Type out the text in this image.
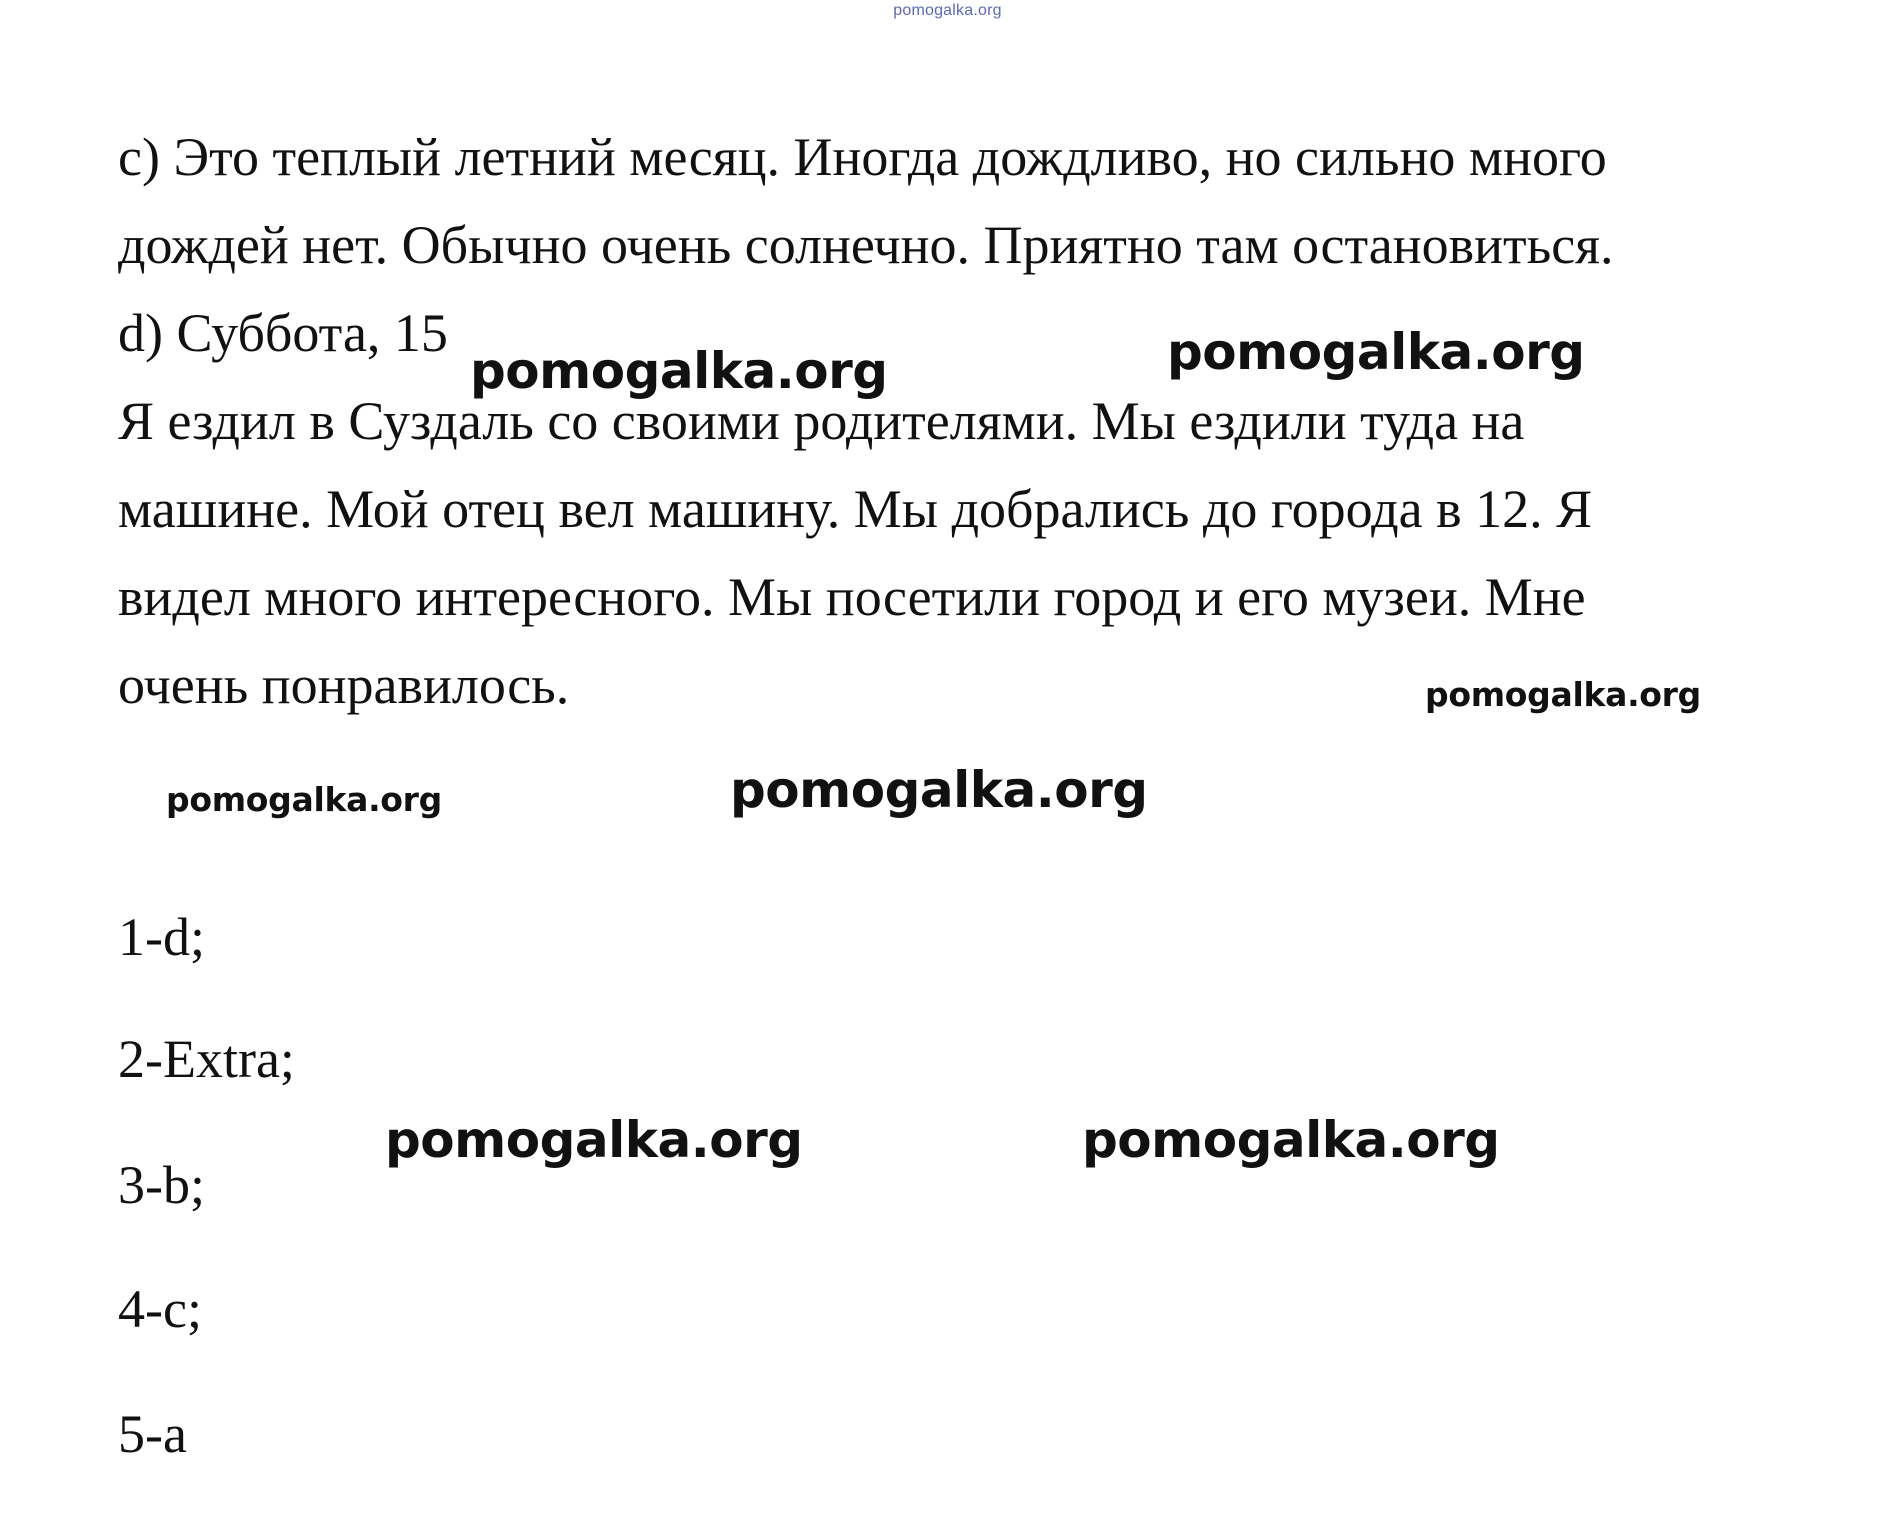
pomogalka.org

c) Это теплый летний месяц. Иногда дождливо, но сильно много

дождей нет. Обычно очень солнечно. Приятно там остановиться.

d) Суббота, 15

Я ездил в Суздаль со своими родителями. Мы ездили туда на

машине. Мой отец вел машину. Мы добрались до города в 12. Я

видел много интересного. Мы посетили город и его музеи. Мне

очень понравилось.

1-d;

2-Extra;

3-b;

4-c;

5-a

pomogalka.org	pomogalka.org

pomogalka.org

pomogalka.org	pomogalka.org

pomogalka.org	pomogalka.org
